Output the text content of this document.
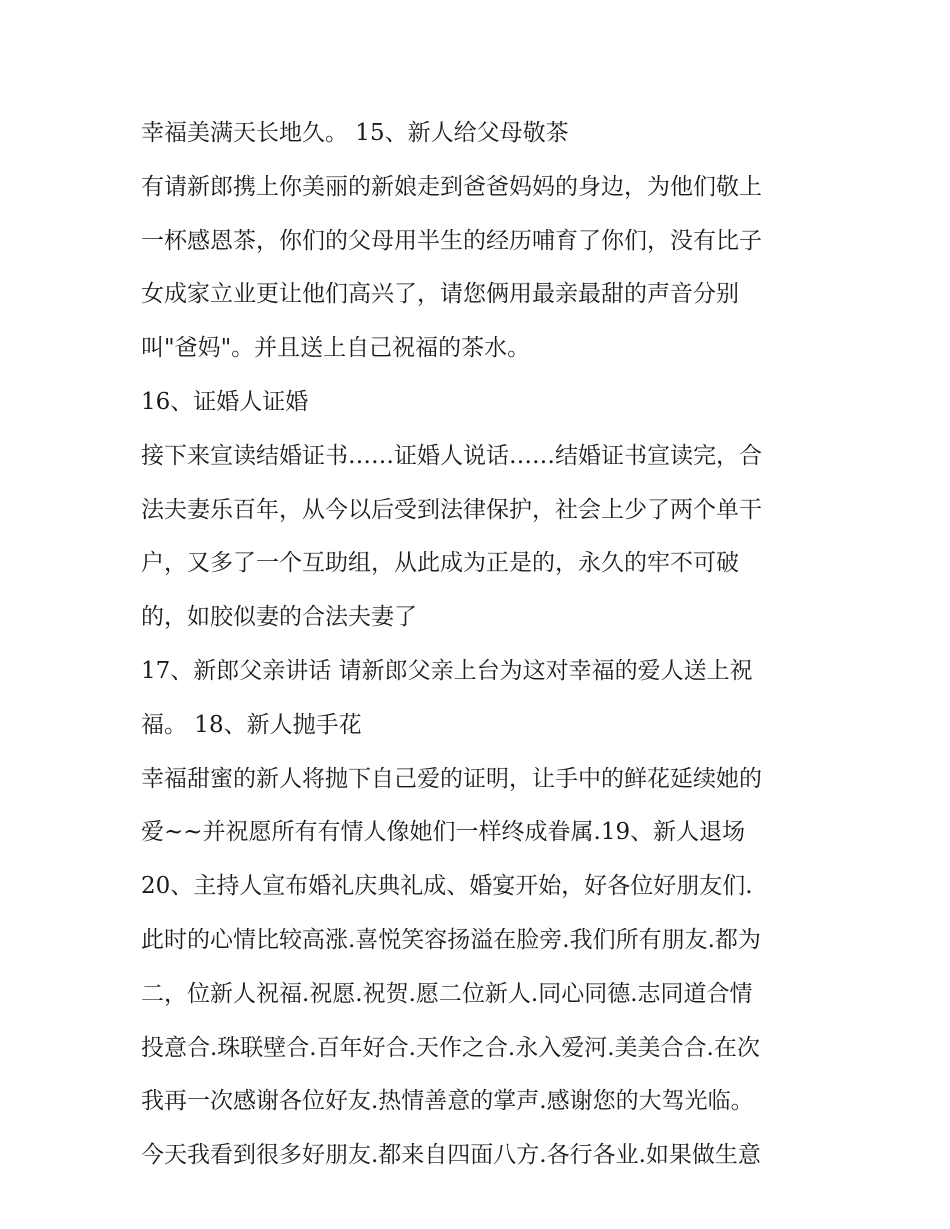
幸福美满天长地久。 15、新人给父母敬茶
有请新郎携上你美丽的新娘走到爸爸妈妈的身边，为他们敬上
一杯感恩茶，你们的父母用半生的经历哺育了你们，没有比子
女成家立业更让他们高兴了，请您俩用最亲最甜的声音分别
叫"爸妈"。并且送上自己祝福的茶水。
16、证婚人证婚
接下来宣读结婚证书……证婚人说话……结婚证书宣读完，合
法夫妻乐百年，从今以后受到法律保护，社会上少了两个单干
户，又多了一个互助组，从此成为正是的，永久的牢不可破
的，如胶似妻的合法夫妻了
17、新郎父亲讲话 请新郎父亲上台为这对幸福的爱人送上祝
福。 18、新人抛手花
幸福甜蜜的新人将抛下自己爱的证明，让手中的鲜花延续她的
爱~~并祝愿所有有情人像她们一样终成眷属.19、新人退场
20、主持人宣布婚礼庆典礼成、婚宴开始，好各位好朋友们.
此时的心情比较高涨.喜悦笑容扬溢在脸旁.我们所有朋友.都为
二，位新人祝福.祝愿.祝贺.愿二位新人.同心同德.志同道合情
投意合.珠联壁合.百年好合.天作之合.永入爱河.美美合合.在次
我再一次感谢各位好友.热情善意的掌声.感谢您的大驾光临。
今天我看到很多好朋友.都来自四面八方.各行各业.如果做生意
